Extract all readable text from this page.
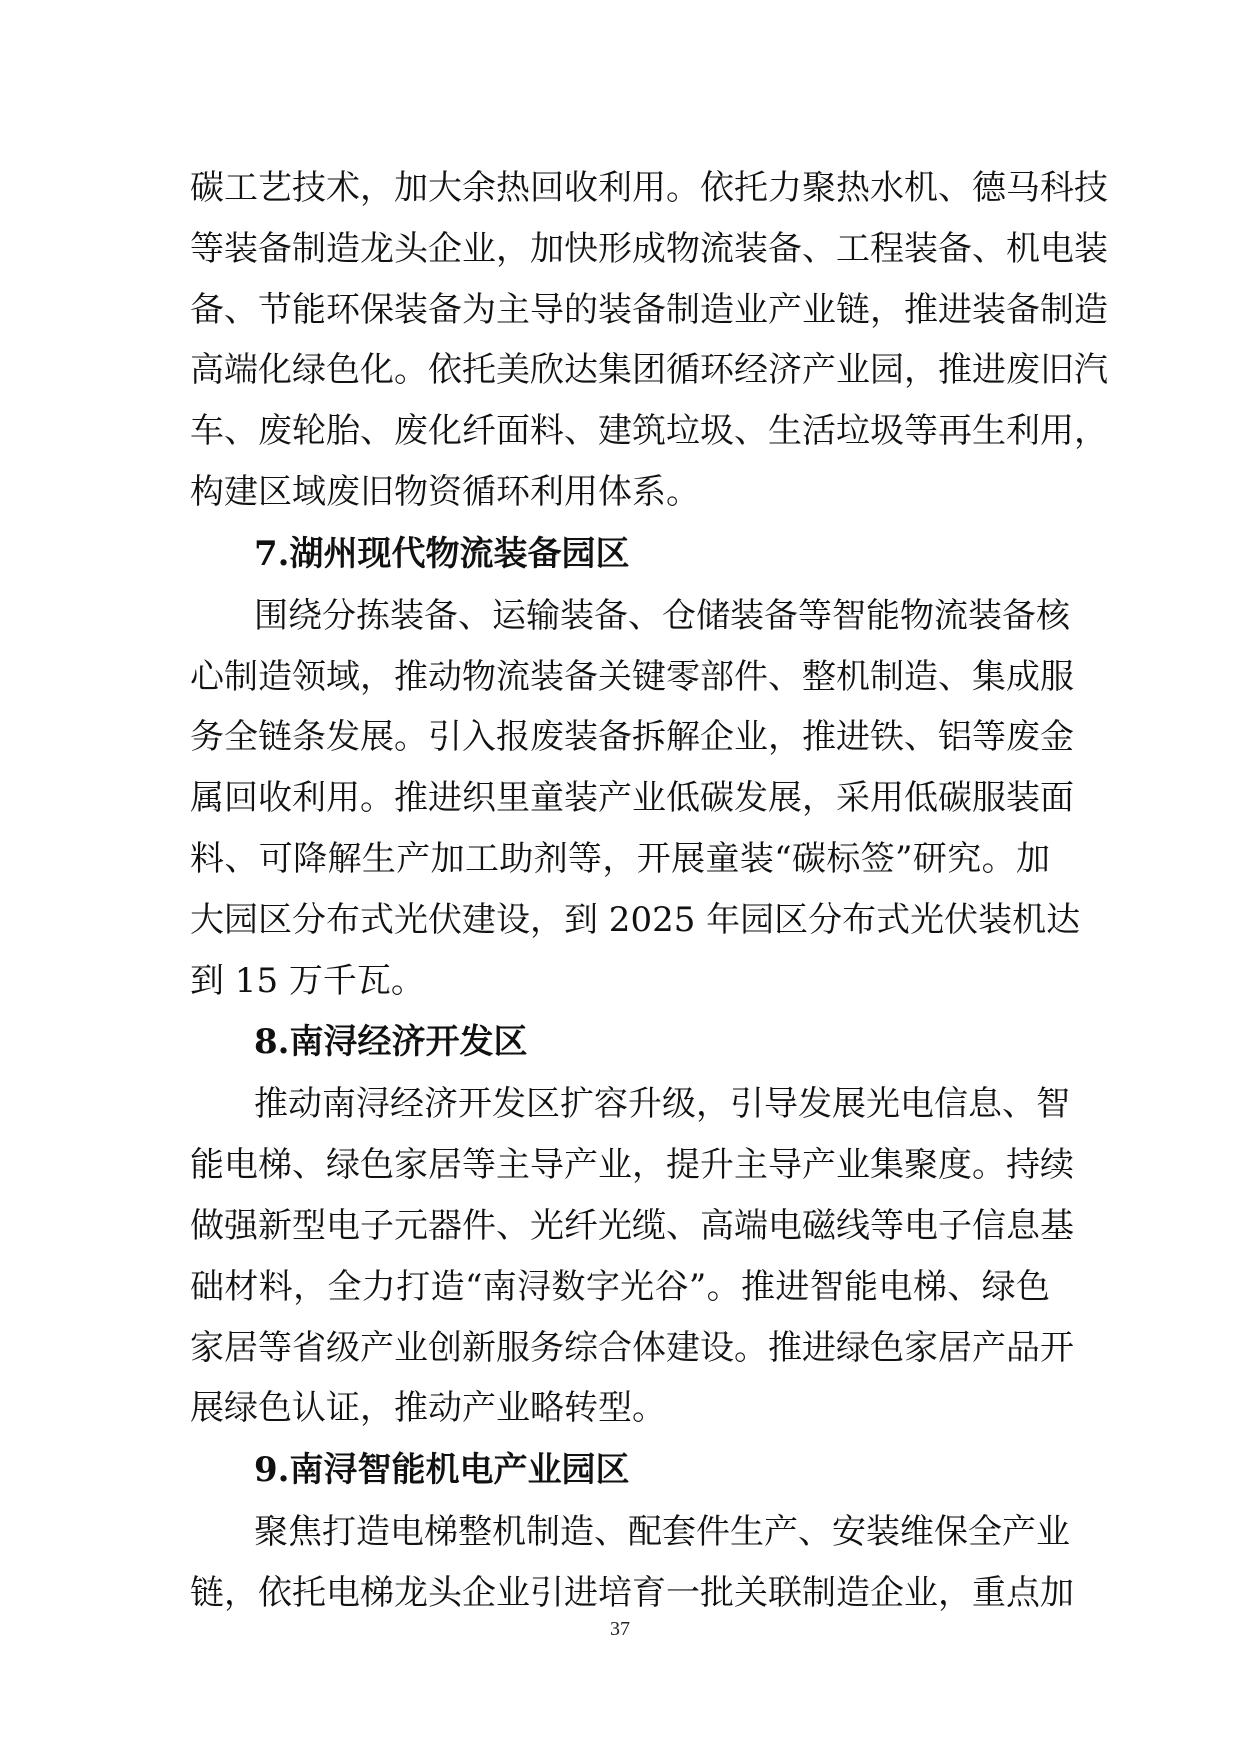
碳工艺技术，加大余热回收利用。依托力聚热水机、德马科技
等装备制造龙头企业，加快形成物流装备、工程装备、机电装
备、节能环保装备为主导的装备制造业产业链，推进装备制造
高端化绿色化。依托美欣达集团循环经济产业园，推进废旧汽
车、废轮胎、废化纤面料、建筑垃圾、生活垃圾等再生利用，
构建区域废旧物资循环利用体系。
7.湖州现代物流装备园区
围绕分拣装备、运输装备、仓储装备等智能物流装备核
心制造领域，推动物流装备关键零部件、整机制造、集成服
务全链条发展。引入报废装备拆解企业，推进铁、铝等废金
属回收利用。推进织里童装产业低碳发展，采用低碳服装面
料、可降解生产加工助剂等，开展童装“碳标签”研究。加
大园区分布式光伏建设，到 2025 年园区分布式光伏装机达
到 15 万千瓦。
8.南浔经济开发区
推动南浔经济开发区扩容升级，引导发展光电信息、智
能电梯、绿色家居等主导产业，提升主导产业集聚度。持续
做强新型电子元器件、光纤光缆、高端电磁线等电子信息基
础材料，全力打造“南浔数字光谷”。推进智能电梯、绿色
家居等省级产业创新服务综合体建设。推进绿色家居产品开
展绿色认证，推动产业略转型。
9.南浔智能机电产业园区
聚焦打造电梯整机制造、配套件生产、安装维保全产业
链，依托电梯龙头企业引进培育一批关联制造企业，重点加
37
